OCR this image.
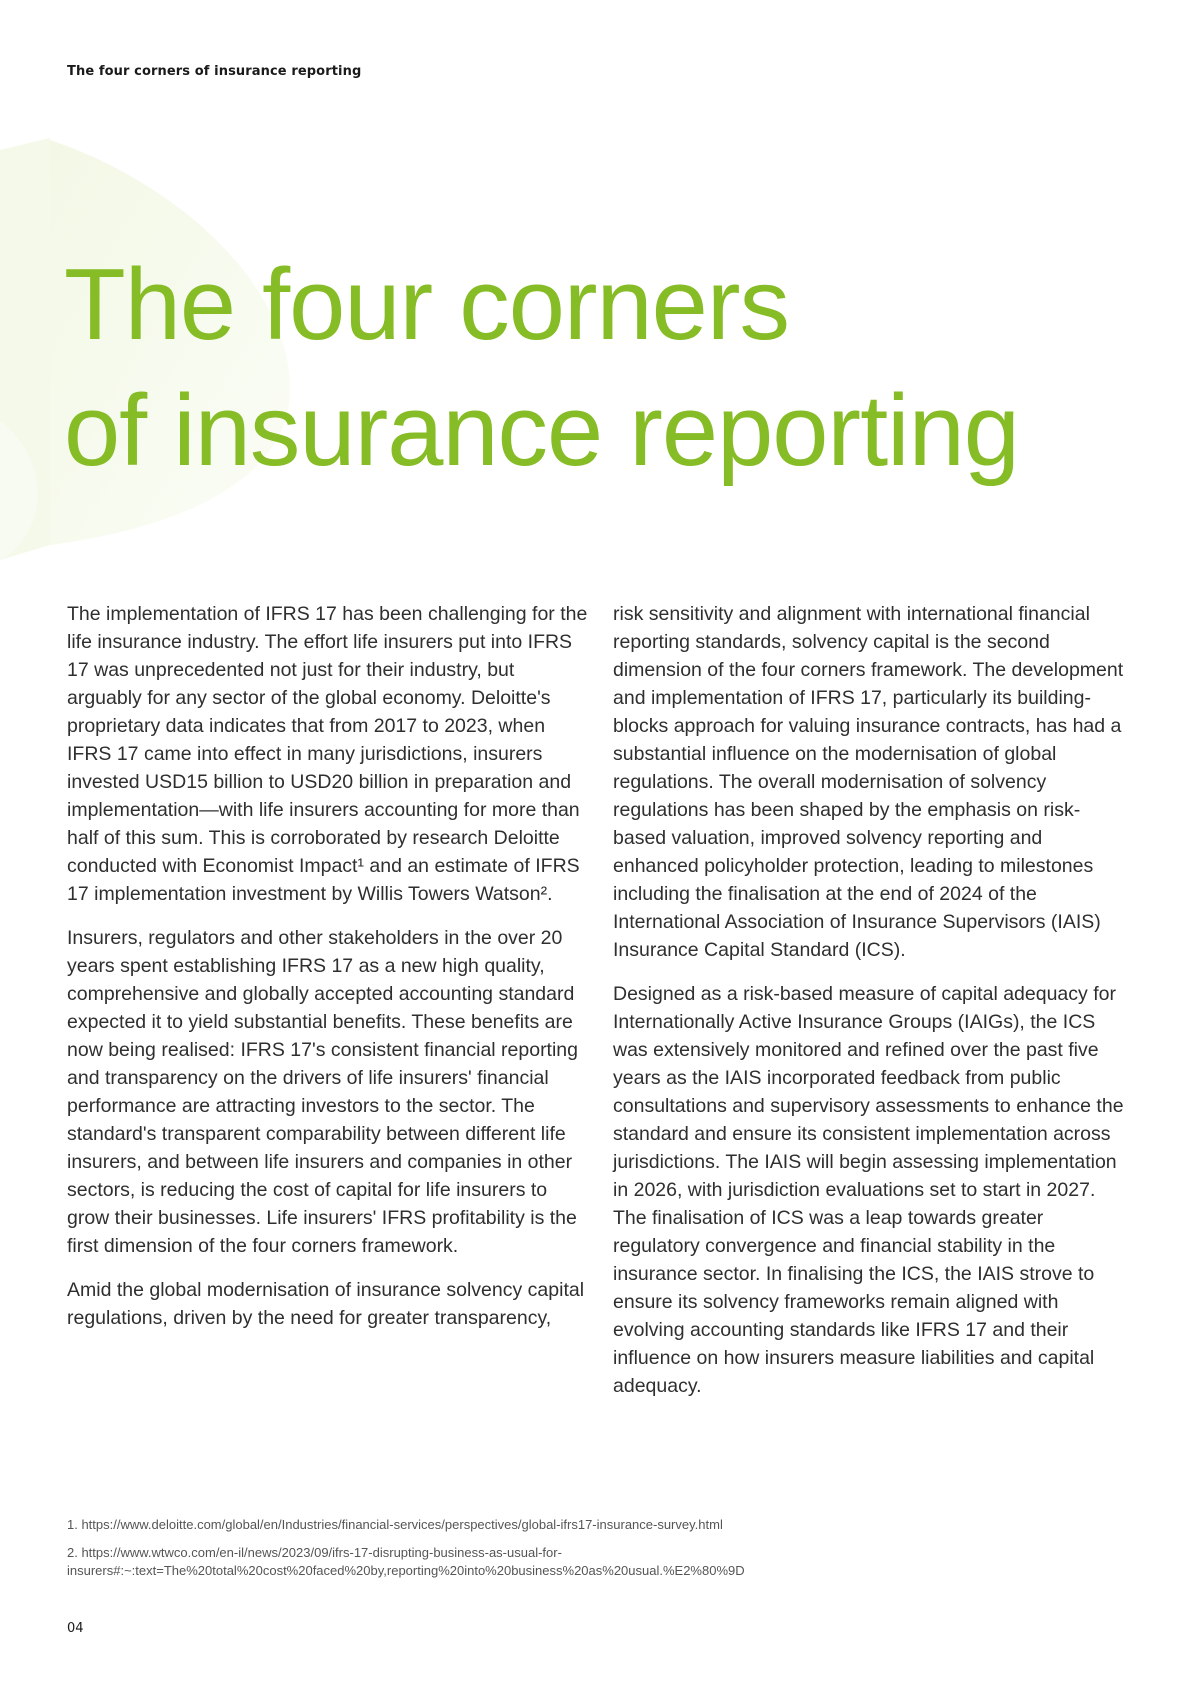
The four corners of insurance reporting
The four corners
of insurance reporting

The implementation of IFRS 17 has been challenging for the life insurance industry. The effort life insurers put into IFRS 17 was unprecedented not just for their industry, but arguably for any sector of the global economy. Deloitte's proprietary data indicates that from 2017 to 2023, when IFRS 17 came into effect in many jurisdictions, insurers invested USD15 billion to USD20 billion in preparation and implementation—with life insurers accounting for more than half of this sum. This is corroborated by research Deloitte conducted with Economist Impact¹ and an estimate of IFRS 17 implementation investment by Willis Towers Watson².

Insurers, regulators and other stakeholders in the over 20 years spent establishing IFRS 17 as a new high quality, comprehensive and globally accepted accounting standard expected it to yield substantial benefits. These benefits are now being realised: IFRS 17's consistent financial reporting and transparency on the drivers of life insurers' financial performance are attracting investors to the sector. The standard's transparent comparability between different life insurers, and between life insurers and companies in other sectors, is reducing the cost of capital for life insurers to grow their businesses. Life insurers' IFRS profitability is the first dimension of the four corners framework.

Amid the global modernisation of insurance solvency capital regulations, driven by the need for greater transparency,

risk sensitivity and alignment with international financial reporting standards, solvency capital is the second dimension of the four corners framework. The development and implementation of IFRS 17, particularly its building-blocks approach for valuing insurance contracts, has had a substantial influence on the modernisation of global regulations. The overall modernisation of solvency regulations has been shaped by the emphasis on risk-based valuation, improved solvency reporting and enhanced policyholder protection, leading to milestones including the finalisation at the end of 2024 of the International Association of Insurance Supervisors (IAIS) Insurance Capital Standard (ICS).

Designed as a risk-based measure of capital adequacy for Internationally Active Insurance Groups (IAIGs), the ICS was extensively monitored and refined over the past five years as the IAIS incorporated feedback from public consultations and supervisory assessments to enhance the standard and ensure its consistent implementation across jurisdictions. The IAIS will begin assessing implementation in 2026, with jurisdiction evaluations set to start in 2027. The finalisation of ICS was a leap towards greater regulatory convergence and financial stability in the insurance sector. In finalising the ICS, the IAIS strove to ensure its solvency frameworks remain aligned with evolving accounting standards like IFRS 17 and their influence on how insurers measure liabilities and capital adequacy.

1. https://www.deloitte.com/global/en/Industries/financial-services/perspectives/global-ifrs17-insurance-survey.html

2. https://www.wtwco.com/en-il/news/2023/09/ifrs-17-disrupting-business-as-usual-for-insurers#:~:text=The%20total%20cost%20faced%20by,reporting%20into%20business%20as%20usual.%E2%80%9D

04
